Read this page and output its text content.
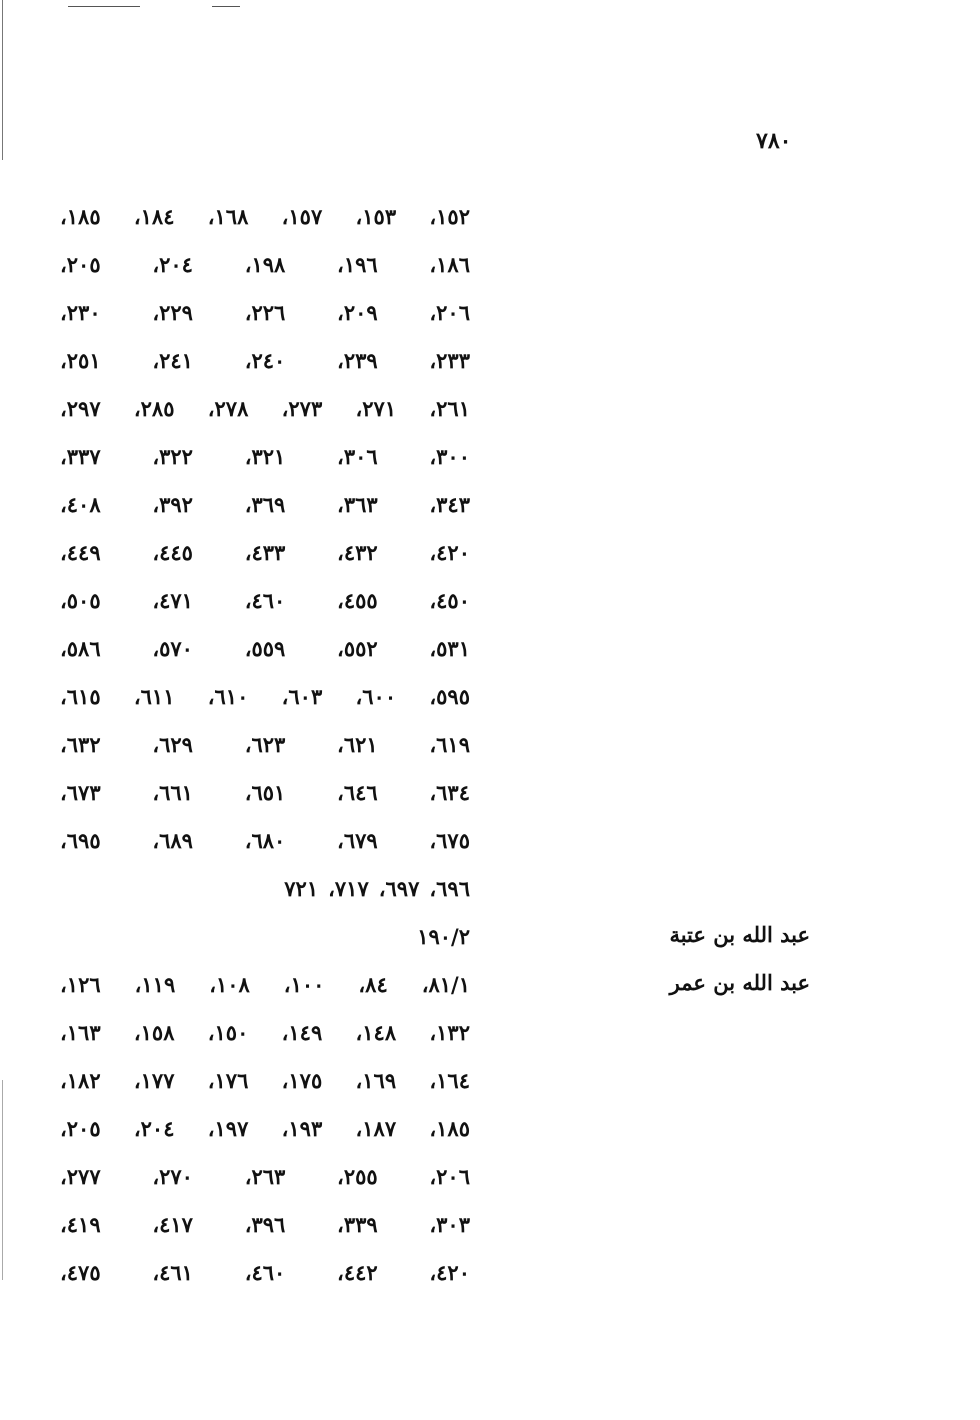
٧٨٠
١٥٢،
١٥٣،
١٥٧،
١٦٨،
١٨٤،
١٨٥،
١٨٦،
١٩٦،
١٩٨،
٢٠٤،
٢٠٥،
٢٠٦،
٢٠٩،
٢٢٦،
٢٢٩،
٢٣٠،
٢٣٣،
٢٣٩،
٢٤٠،
٢٤١،
٢٥١،
٢٦١،
٢٧١،
٢٧٣،
٢٧٨،
٢٨٥،
٢٩٧،
٣٠٠،
٣٠٦،
٣٢١،
٣٢٢،
٣٣٧،
٣٤٣،
٣٦٣،
٣٦٩،
٣٩٢،
٤٠٨،
٤٢٠،
٤٣٢،
٤٣٣،
٤٤٥،
٤٤٩،
٤٥٠،
٤٥٥،
٤٦٠،
٤٧١،
٥٠٥،
٥٣١،
٥٥٢،
٥٥٩،
٥٧٠،
٥٨٦،
٥٩٥،
٦٠٠،
٦٠٣،
٦١٠،
٦١١،
٦١٥،
٦١٩،
٦٢١،
٦٢٣،
٦٢٩،
٦٣٢،
٦٣٤،
٦٤٦،
٦٥١،
٦٦١،
٦٧٣،
٦٧٥،
٦٧٩،
٦٨٠،
٦٨٩،
٦٩٥،
٦٩٦،
٦٩٧،
٧١٧،
٧٢١
عبد الله بن عتبة
١٩٠/٢
عبد الله بن عمر
٨١/١،
٨٤،
١٠٠،
١٠٨،
١١٩،
١٢٦،
١٣٢،
١٤٨،
١٤٩،
١٥٠،
١٥٨،
١٦٣،
١٦٤،
١٦٩،
١٧٥،
١٧٦،
١٧٧،
١٨٢،
١٨٥،
١٨٧،
١٩٣،
١٩٧،
٢٠٤،
٢٠٥،
٢٠٦،
٢٥٥،
٢٦٣،
٢٧٠،
٢٧٧،
٣٠٣،
٣٣٩،
٣٩٦،
٤١٧،
٤١٩،
٤٢٠،
٤٤٢،
٤٦٠،
٤٦١،
٤٧٥،
